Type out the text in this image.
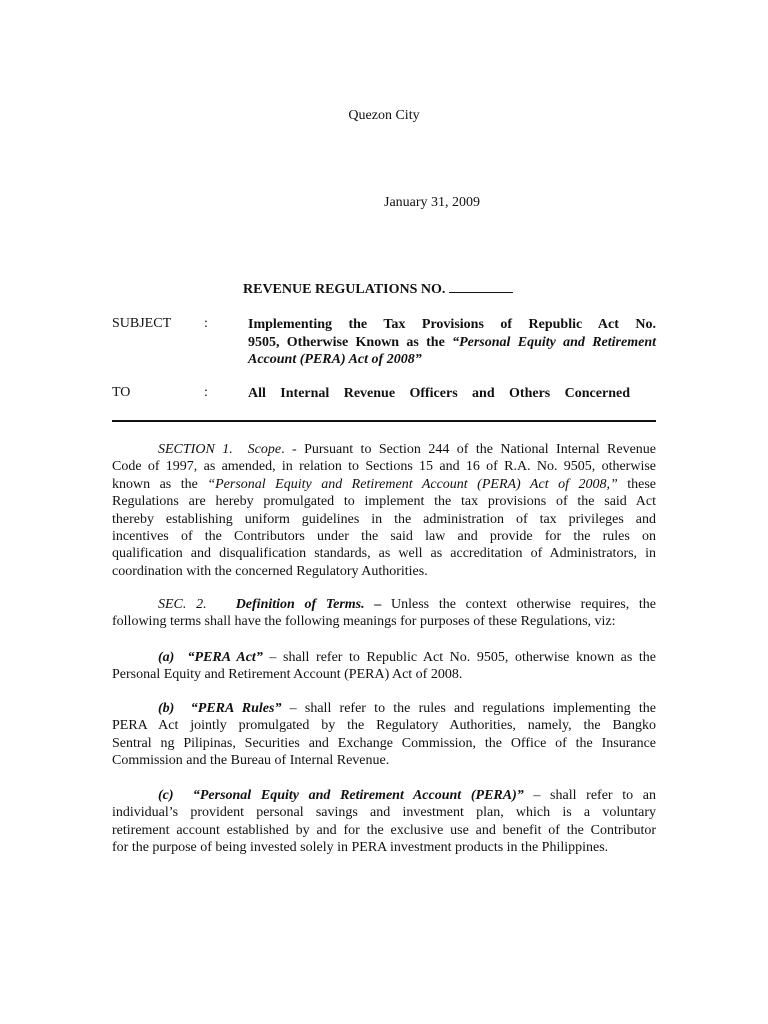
Quezon City
January 31, 2009
REVENUE REGULATIONS NO.
SUBJECT :	Implementing the Tax Provisions of Republic Act No.
9505, Otherwise Known as the “Personal Equity and Retirement
Account (PERA) Act of 2008”
TO	:	All Internal Revenue Officers and Others Concerned
SECTION 1. Scope. - Pursuant to Section 244 of the National Internal Revenue
Code of 1997, as amended, in relation to Sections 15 and 16 of R.A. No. 9505, otherwise
known as the “Personal Equity and Retirement Account (PERA) Act of 2008,” these
Regulations are hereby promulgated to implement the tax provisions of the said Act
thereby establishing uniform guidelines in the administration of tax privileges and
incentives of the Contributors under the said law and provide for the rules on
qualification and disqualification standards, as well as accreditation of Administrators, in
coordination with the concerned Regulatory Authorities.
SEC. 2. Definition of Terms. – Unless the context otherwise requires, the
following terms shall have the following meanings for purposes of these Regulations, viz:
(a) “PERA Act” – shall refer to Republic Act No. 9505, otherwise known as the
Personal Equity and Retirement Account (PERA) Act of 2008.
(b) “PERA Rules” – shall refer to the rules and regulations implementing the
PERA Act jointly promulgated by the Regulatory Authorities, namely, the Bangko
Sentral ng Pilipinas, Securities and Exchange Commission, the Office of the Insurance
Commission and the Bureau of Internal Revenue.
(c) “Personal Equity and Retirement Account (PERA)” – shall refer to an
individual’s provident personal savings and investment plan, which is a voluntary
retirement account established by and for the exclusive use and benefit of the Contributor
for the purpose of being invested solely in PERA investment products in the Philippines.
